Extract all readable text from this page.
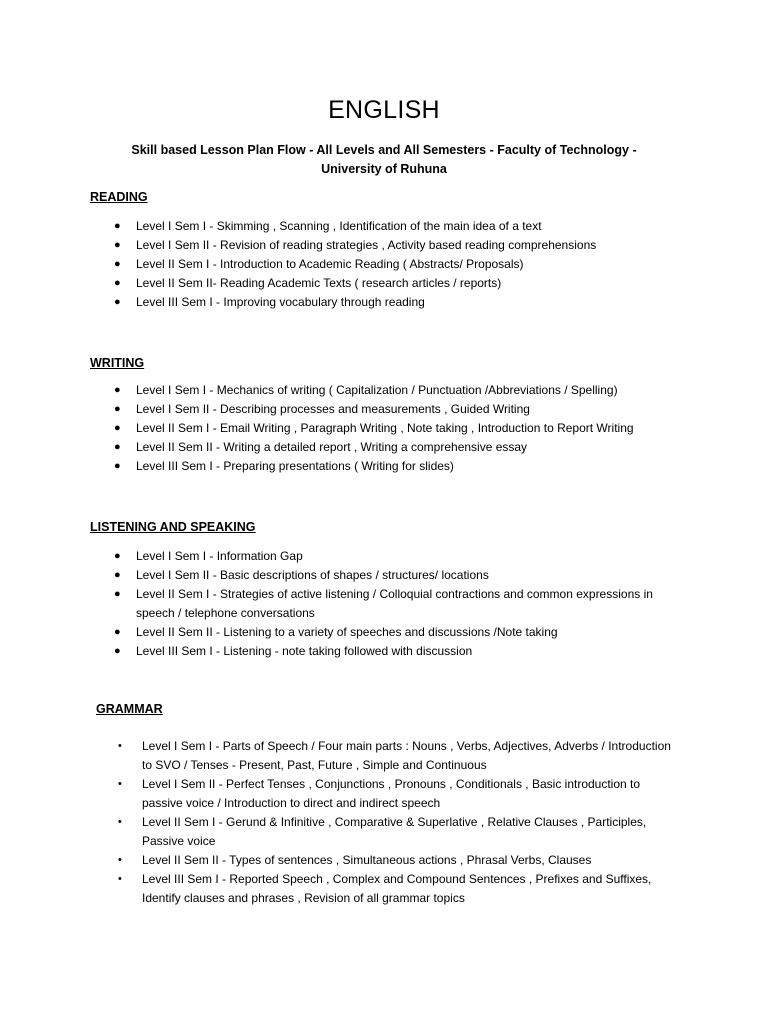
ENGLISH
Skill based Lesson Plan Flow - All Levels and All Semesters - Faculty of Technology - University of Ruhuna
READING
● Level I Sem I - Skimming , Scanning , Identification of the main idea of a text
● Level I Sem II - Revision of reading strategies , Activity based reading comprehensions
● Level II Sem I - Introduction to Academic Reading ( Abstracts/ Proposals)
● Level II Sem II- Reading Academic Texts ( research articles / reports)
● Level III Sem I - Improving vocabulary through reading
WRITING
● Level I Sem I - Mechanics of writing ( Capitalization / Punctuation /Abbreviations / Spelling)
● Level I Sem II - Describing processes and measurements , Guided Writing
● Level II Sem I - Email Writing , Paragraph Writing , Note taking , Introduction to Report Writing
● Level II Sem II - Writing a detailed report , Writing a comprehensive essay
● Level III Sem I - Preparing presentations ( Writing for slides)
LISTENING AND SPEAKING
● Level I Sem I - Information Gap
● Level I Sem II - Basic descriptions of shapes / structures/ locations
● Level II Sem I - Strategies of active listening / Colloquial contractions and common expressions in speech / telephone conversations
● Level II Sem II - Listening to a variety of speeches and discussions /Note taking
● Level III Sem I - Listening - note taking followed with discussion
GRAMMAR
• Level I Sem I - Parts of Speech / Four main parts : Nouns , Verbs, Adjectives, Adverbs / Introduction to SVO / Tenses - Present, Past, Future , Simple and Continuous
• Level I Sem II - Perfect Tenses , Conjunctions , Pronouns , Conditionals , Basic introduction to passive voice / Introduction to direct and indirect speech
• Level II Sem I - Gerund & Infinitive , Comparative & Superlative , Relative Clauses , Participles, Passive voice
• Level II Sem II - Types of sentences , Simultaneous actions , Phrasal Verbs, Clauses
• Level III Sem I - Reported Speech , Complex and Compound Sentences , Prefixes and Suffixes, Identify clauses and phrases , Revision of all grammar topics
